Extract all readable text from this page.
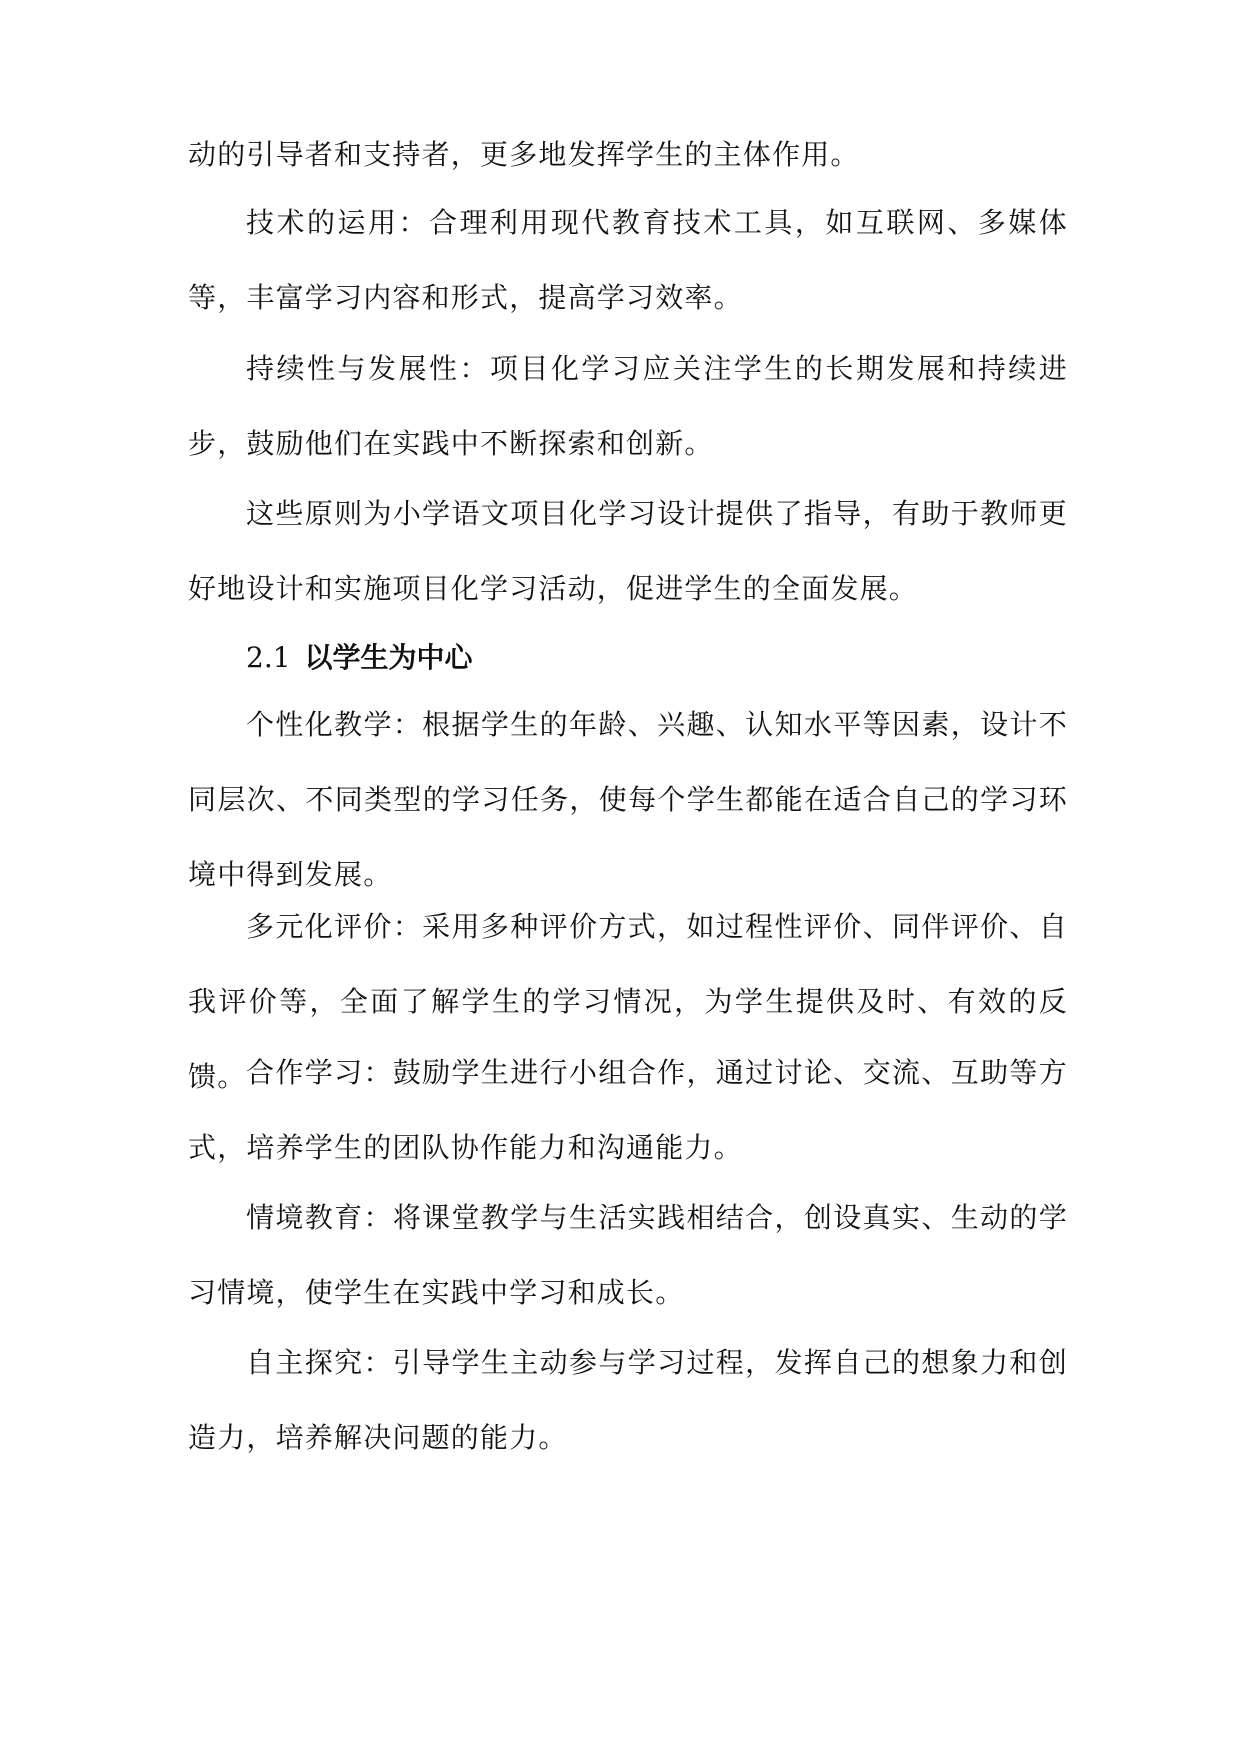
动的引导者和支持者，更多地发挥学生的主体作用。

技术的运用：合理利用现代教育技术工具，如互联网、多媒体等，丰富学习内容和形式，提高学习效率。

持续性与发展性：项目化学习应关注学生的长期发展和持续进步，鼓励他们在实践中不断探索和创新。

这些原则为小学语文项目化学习设计提供了指导，有助于教师更好地设计和实施项目化学习活动，促进学生的全面发展。

2.1 以学生为中心

个性化教学：根据学生的年龄、兴趣、认知水平等因素，设计不同层次、不同类型的学习任务，使每个学生都能在适合自己的学习环境中得到发展。

多元化评价：采用多种评价方式，如过程性评价、同伴评价、自我评价等，全面了解学生的学习情况，为学生提供及时、有效的反馈。 合作学习：鼓励学生进行小组合作，通过讨论、交流、互助等方式，培养学生的团队协作能力和沟通能力。

情境教育：将课堂教学与生活实践相结合，创设真实、生动的学习情境，使学生在实践中学习和成长。

自主探究：引导学生主动参与学习过程，发挥自己的想象力和创造力，培养解决问题的能力。
